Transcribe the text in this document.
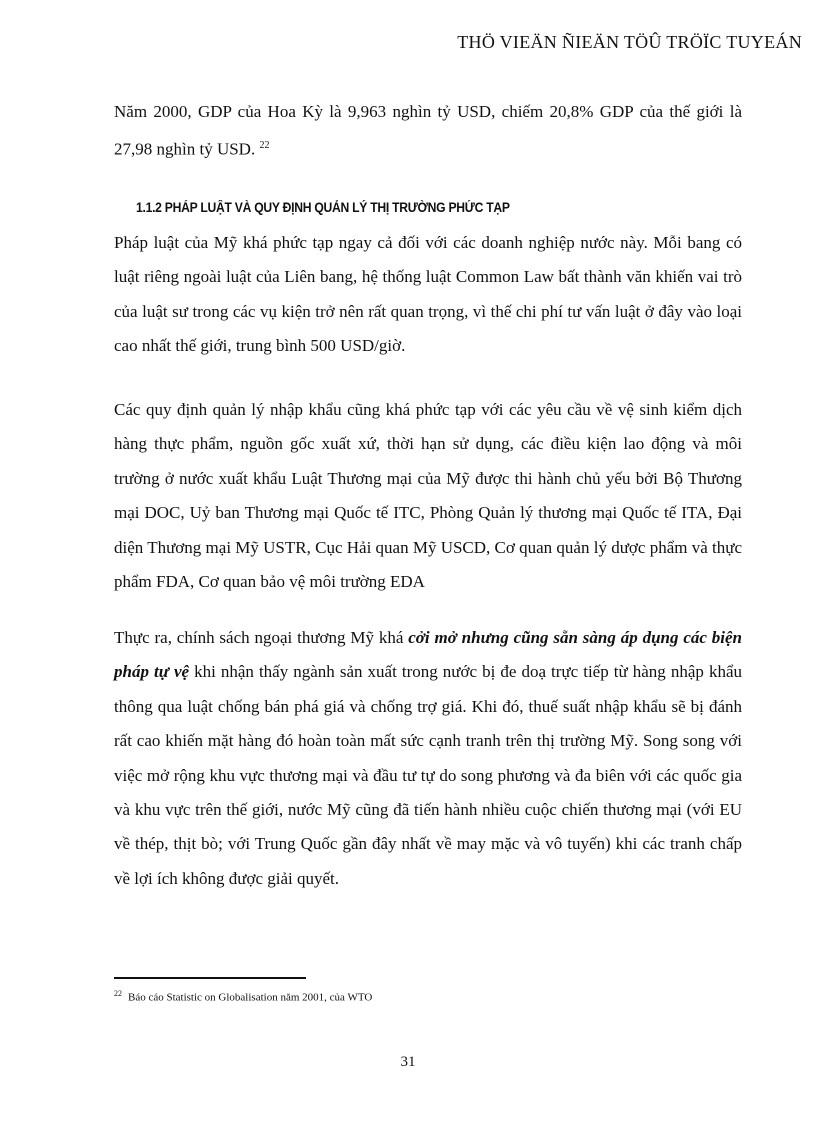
THÖ VIEÄN ÑIEÄN TÖÛ TRÖÏC TUYEÁN

Năm 2000, GDP của Hoa Kỳ là 9,963 nghìn tỷ USD, chiếm 20,8% GDP của thế giới là 27,98 nghìn tỷ USD. $^{22}$

1.1.2 PHÁP LUẬT VÀ QUY ĐỊNH QUẢN LÝ THỊ TRƯỜNG PHỨC TẠP

Pháp luật của Mỹ khá phức tạp ngay cả đối với các doanh nghiệp nước này. Mỗi bang có luật riêng ngoài luật của Liên bang, hệ thống luật Common Law bất thành văn khiến vai trò của luật sư trong các vụ kiện trở nên rất quan trọng, vì thế chi phí tư vấn luật ở đây vào loại cao nhất thế giới, trung bình 500 USD/giờ.

Các quy định quản lý nhập khẩu cũng khá phức tạp với các yêu cầu về vệ sinh kiểm dịch hàng thực phẩm, nguồn gốc xuất xứ, thời hạn sử dụng, các điều kiện lao động và môi trường ở nước xuất khẩu Luật Thương mại của Mỹ được thi hành chủ yếu bởi Bộ Thương mại DOC, Uỷ ban Thương mại Quốc tế ITC, Phòng Quản lý thương mại Quốc tế ITA, Đại diện Thương mại Mỹ USTR, Cục Hải quan Mỹ USCD, Cơ quan quản lý dược phẩm và thực phẩm FDA, Cơ quan bảo vệ môi trường EDA

Thực ra, chính sách ngoại thương Mỹ khá cởi mở nhưng cũng sẵn sàng áp dụng các biện pháp tự vệ khi nhận thấy ngành sản xuất trong nước bị đe doạ trực tiếp từ hàng nhập khẩu thông qua luật chống bán phá giá và chống trợ giá. Khi đó, thuế suất nhập khẩu sẽ bị đánh rất cao khiến mặt hàng đó hoàn toàn mất sức cạnh tranh trên thị trường Mỹ. Song song với việc mở rộng khu vực thương mại và đầu tư tự do song phương và đa biên với các quốc gia và khu vực trên thế giới, nước Mỹ cũng đã tiến hành nhiều cuộc chiến thương mại (với EU về thép, thịt bò; với Trung Quốc gần đây nhất về may mặc và vô tuyến) khi các tranh chấp về lợi ích không được giải quyết.

$^{22}$ Báo cáo Statistic on Globalisation năm 2001, của WTO
31
